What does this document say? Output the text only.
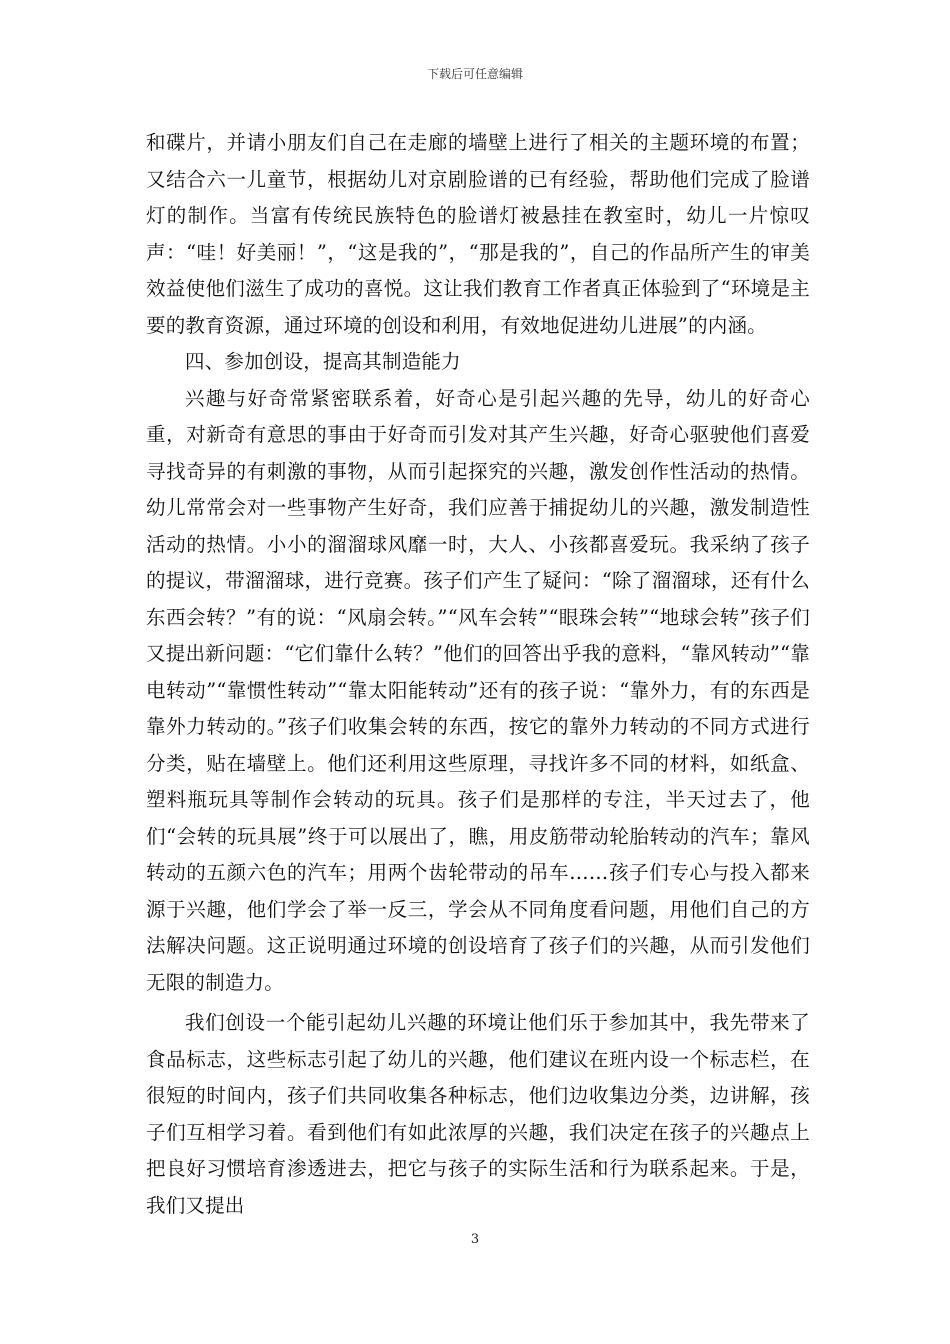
下载后可任意编辑

和碟片，并请小朋友们自己在走廊的墙壁上进行了相关的主题环境的布置；又结合六一儿童节，根据幼儿对京剧脸谱的已有经验，帮助他们完成了脸谱灯的制作。当富有传统民族特色的脸谱灯被悬挂在教室时，幼儿一片惊叹声：“哇！好美丽！”，“这是我的”，“那是我的”，自己的作品所产生的审美效益使他们滋生了成功的喜悦。这让我们教育工作者真正体验到了“环境是主要的教育资源，通过环境的创设和利用，有效地促进幼儿进展”的内涵。

四、参加创设，提高其制造能力

兴趣与好奇常紧密联系着，好奇心是引起兴趣的先导，幼儿的好奇心重，对新奇有意思的事由于好奇而引发对其产生兴趣，好奇心驱驶他们喜爱寻找奇异的有刺激的事物，从而引起探究的兴趣，激发创作性活动的热情。幼儿常常会对一些事物产生好奇，我们应善于捕捉幼儿的兴趣，激发制造性活动的热情。小小的溜溜球风靡一时，大人、小孩都喜爱玩。我采纳了孩子的提议，带溜溜球，进行竞赛。孩子们产生了疑问：“除了溜溜球，还有什么东西会转？”有的说：“风扇会转。”“风车会转”“眼珠会转”“地球会转”孩子们又提出新问题：“它们靠什么转？”他们的回答出乎我的意料，“靠风转动”“靠电转动”“靠惯性转动”“靠太阳能转动”还有的孩子说：“靠外力，有的东西是靠外力转动的。”孩子们收集会转的东西，按它的靠外力转动的不同方式进行分类，贴在墙壁上。他们还利用这些原理，寻找许多不同的材料，如纸盒、塑料瓶玩具等制作会转动的玩具。孩子们是那样的专注，半天过去了，他们“会转的玩具展”终于可以展出了，瞧，用皮筋带动轮胎转动的汽车；靠风转动的五颜六色的汽车；用两个齿轮带动的吊车……孩子们专心与投入都来源于兴趣，他们学会了举一反三，学会从不同角度看问题，用他们自己的方法解决问题。这正说明通过环境的创设培育了孩子们的兴趣，从而引发他们无限的制造力。

我们创设一个能引起幼儿兴趣的环境让他们乐于参加其中，我先带来了食品标志，这些标志引起了幼儿的兴趣，他们建议在班内设一个标志栏，在很短的时间内，孩子们共同收集各种标志，他们边收集边分类，边讲解，孩子们互相学习着。看到他们有如此浓厚的兴趣，我们决定在孩子的兴趣点上把良好习惯培育渗透进去，把它与孩子的实际生活和行为联系起来。于是，我们又提出

3
